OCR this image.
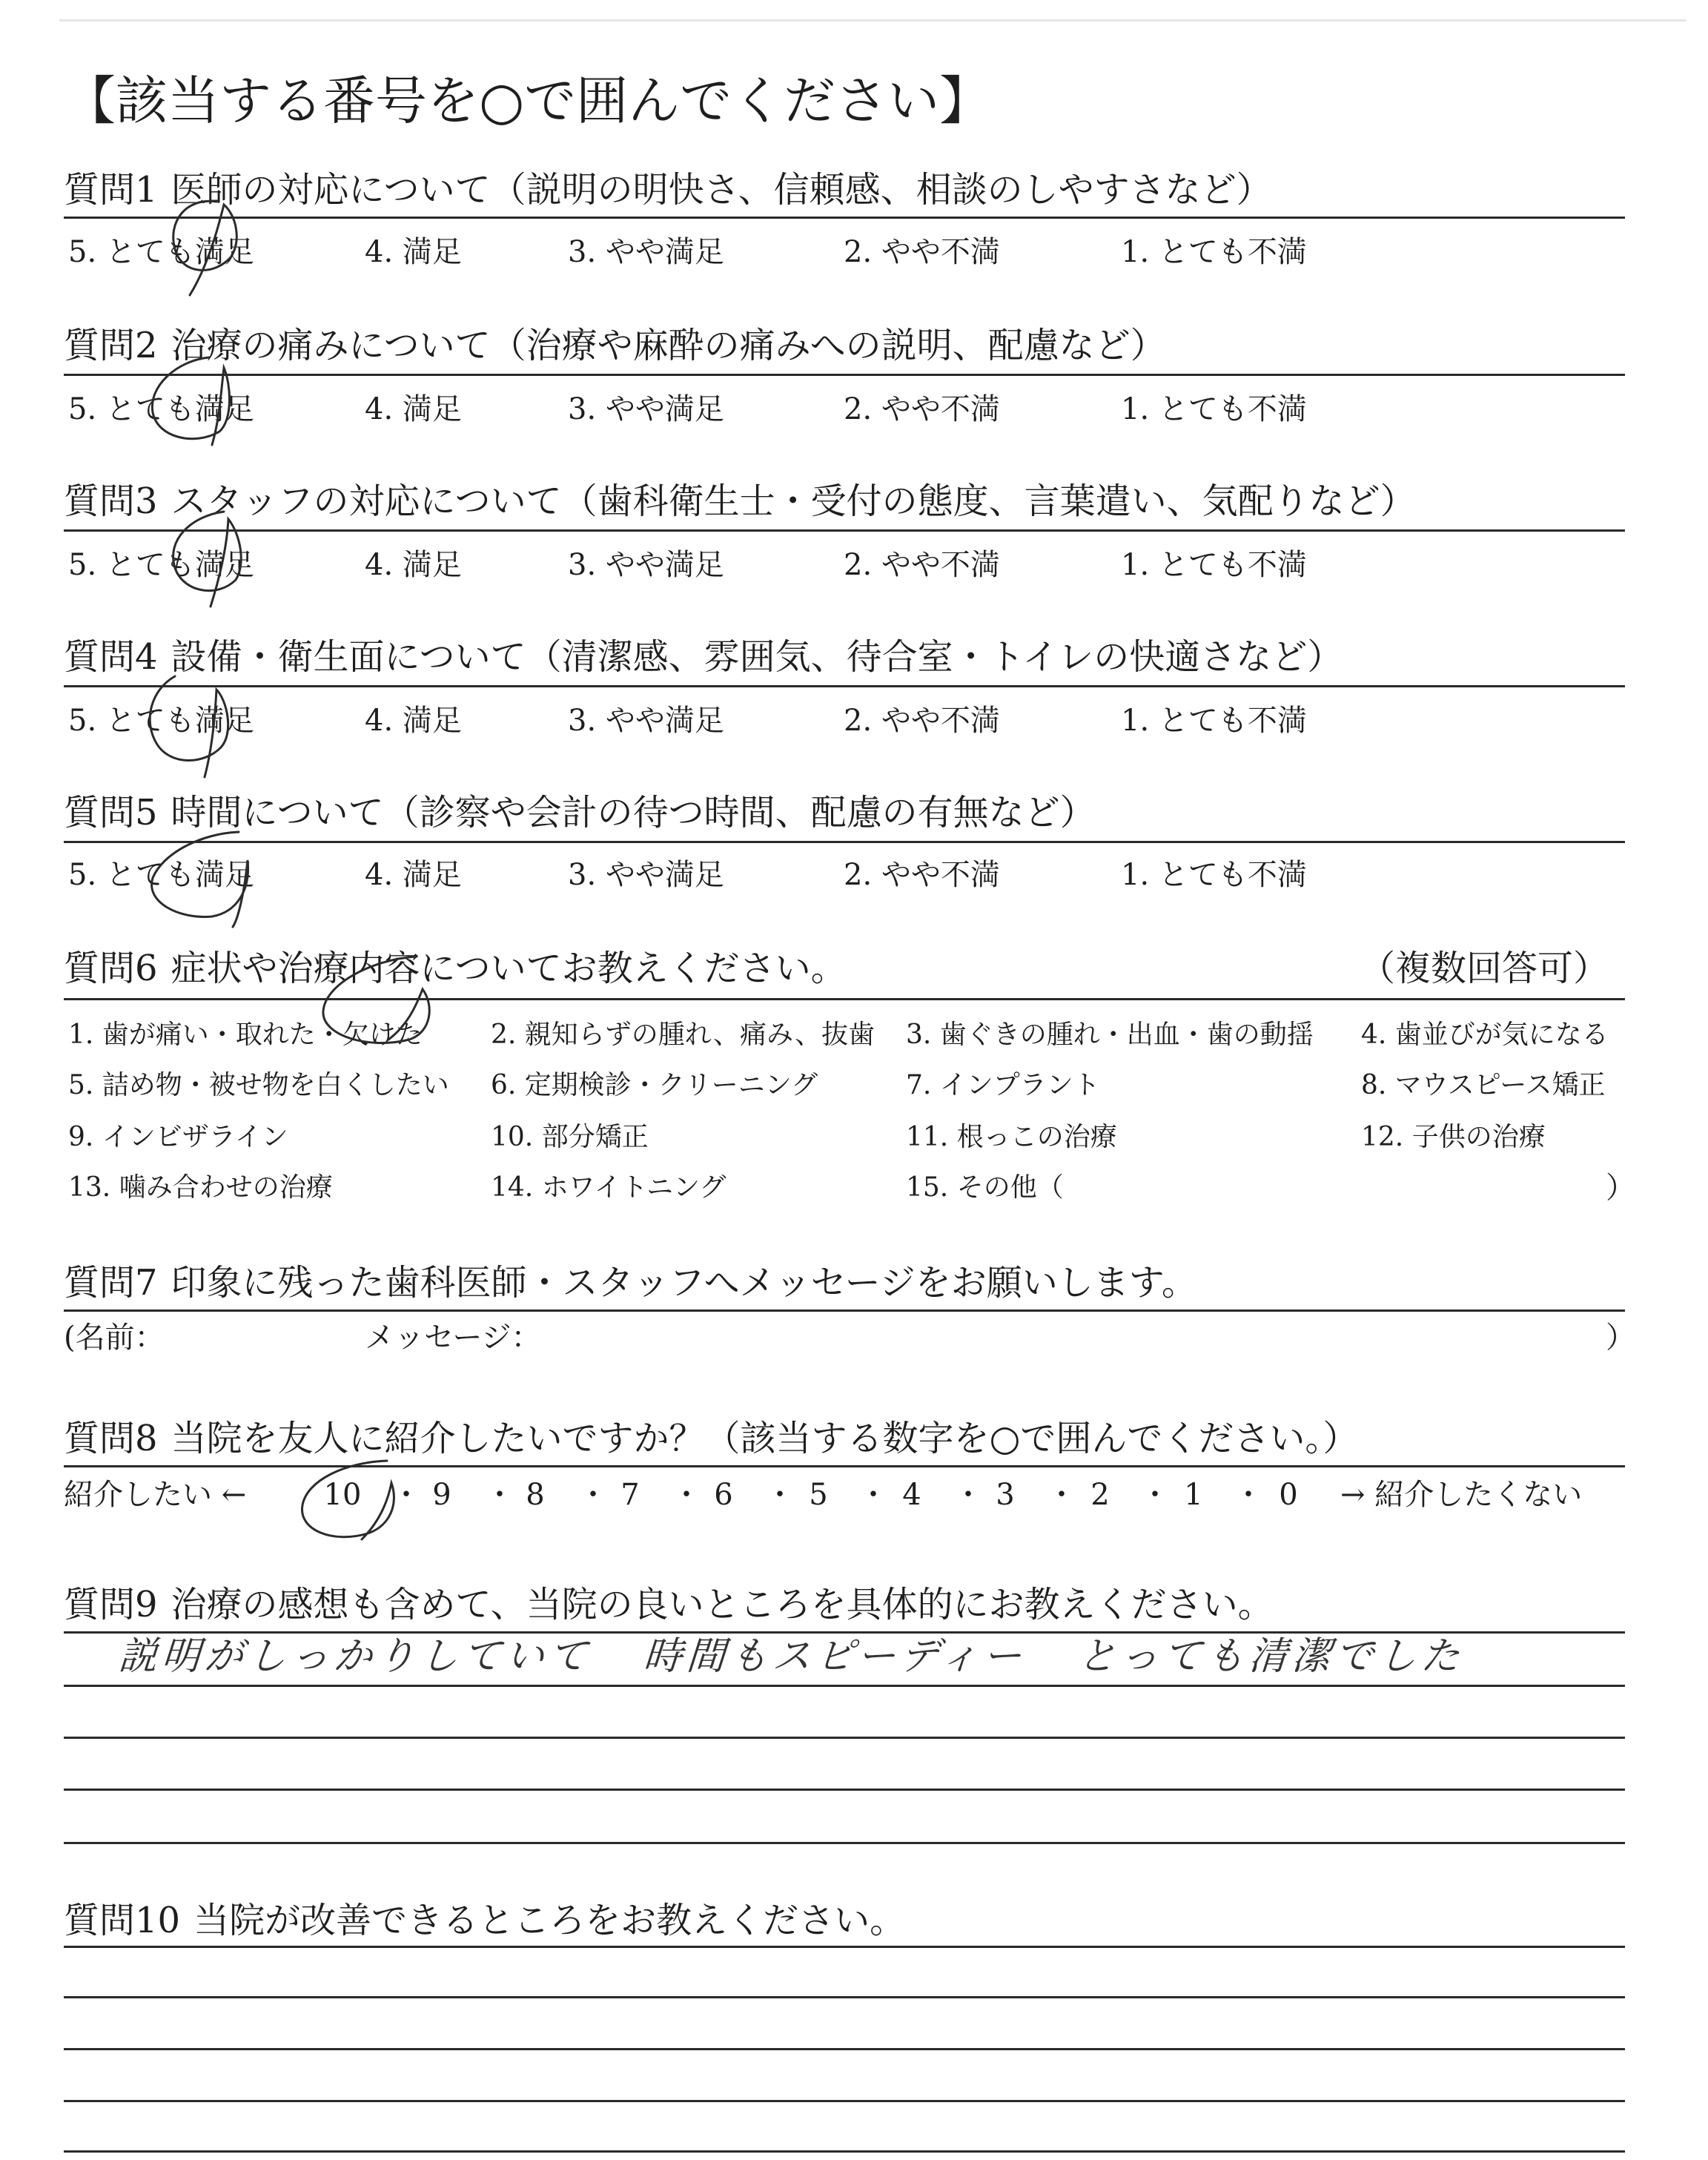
【該当する番号を○で囲んでください】
質問1 医師の対応について（説明の明快さ、信頼感、相談のしやすさなど）
5. とても満足	4. 満足	3. やや満足	2. やや不満	1. とても不満
質問2 治療の痛みについて（治療や麻酔の痛みへの説明、配慮など）
5. とても満足	4. 満足	3. やや満足	2. やや不満	1. とても不満
質問3 スタッフの対応について（歯科衛生士・受付の態度、言葉遣い、気配りなど）
5. とても満足	4. 満足	3. やや満足	2. やや不満	1. とても不満
質問4 設備・衛生面について（清潔感、雰囲気、待合室・トイレの快適さなど）
5. とても満足	4. 満足	3. やや満足	2. やや不満	1. とても不満
質問5 時間について（診察や会計の待つ時間、配慮の有無など）
5. とても満足	4. 満足	3. やや満足	2. やや不満	1. とても不満
質問6 症状や治療内容についてお教えください。	（複数回答可）
1. 歯が痛い・取れた・欠けた	2. 親知らずの腫れ、痛み、抜歯 3. 歯ぐきの腫れ・出血・歯の動揺 4. 歯並びが気になる
5. 詰め物・被せ物を白くしたい 6. 定期検診・クリーニング	7. インプラント	8. マウスピース矯正
9. インビザライン	10. 部分矯正	11. 根っこの治療	12. 子供の治療
13. 噛み合わせの治療	14. ホワイトニング	15. その他（	）
質問7 印象に残った歯科医師・スタッフへメッセージをお願いします。
(名前：	メッセージ：	）
質問8 当院を友人に紹介したいですか？（該当する数字を○で囲んでください。）
紹介したい ←	10 ・ 9 ・ 8 ・ 7 ・ 6 ・ 5 ・ 4 ・ 3 ・ 2 ・ 1 ・ 0 → 紹介したくない
質問9 治療の感想も含めて、当院の良いところを具体的にお教えください。
説明がしっかりしていて 時間もスピーディー とっても清潔でした
質問10 当院が改善できるところをお教えください。
